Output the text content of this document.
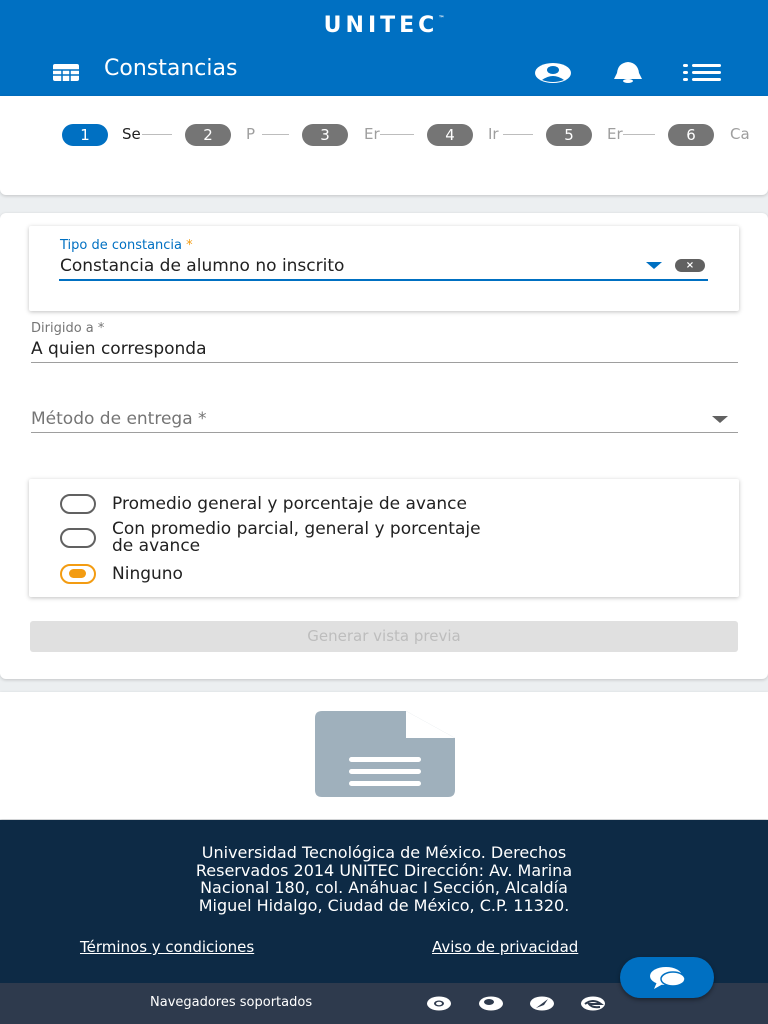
UNITEC™
Constancias
1	Se	2	P	3	Er	4	Ir	5	Er	6	Ca
Tipo de constancia *
Constancia de alumno no inscrito	×
Dirigido a *
A quien corresponda
Método de entrega *
Promedio general y porcentaje de avance
Con promedio parcial, general y porcentaje
de avance
Ninguno
Generar vista previa
Universidad Tecnológica de México. Derechos
Reservados 2014 UNITEC Dirección: Av. Marina
Nacional 180, col. Anáhuac I Sección, Alcaldía
Miguel Hidalgo, Ciudad de México, C.P. 11320.
Términos y condiciones	Aviso de privacidad
Navegadores soportados
